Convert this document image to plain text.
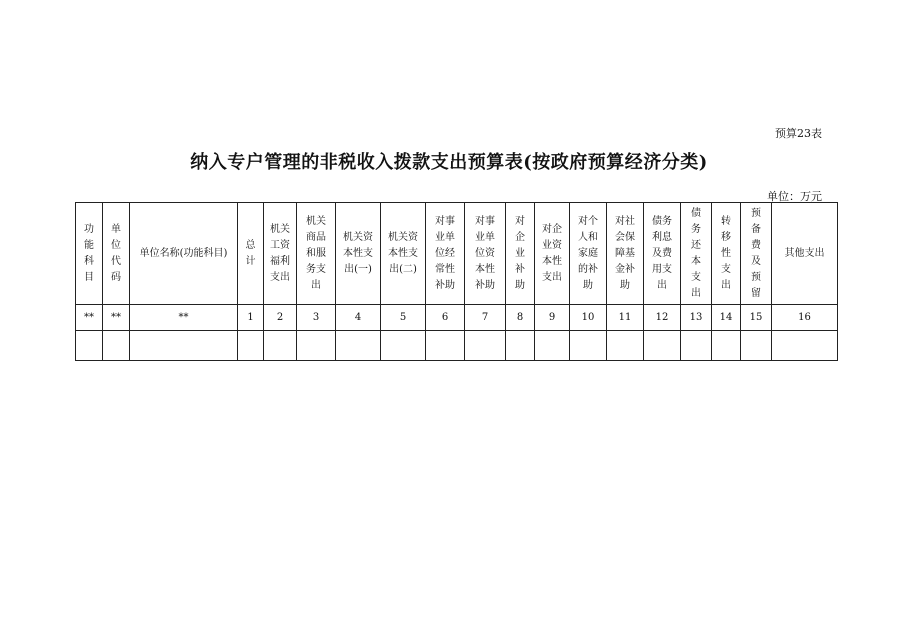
预算23表
纳入专户管理的非税收入拨款支出预算表(按政府预算经济分类)
单位：万元
功能科目	单位代码	单位名称(功能科目)	总计	机关工资福利支出	机关商品和服务支出	机关资本性支出(一)	机关资本性支出(二)	对事业单位经常性补助	对事业单位资本性补助	对企业补助	对企业资本性支出	对个人和家庭的补助	对社会保障基金补助	债务利息及费用支出	债务还本支出	转移性支出	预备费及预留	其他支出
**	**	**	1	2	3	4	5	6	7	8	9	10	11	12	13	14	15	16
